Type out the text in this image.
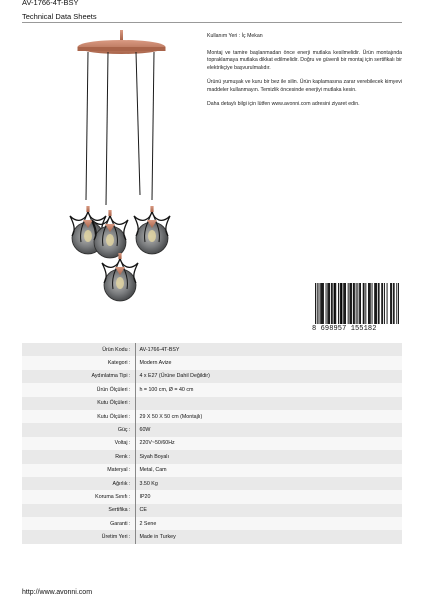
AV-1766-4T-BSY
Technical Data Sheets

Kullanım Yeri : İç Mekan

Montaj ve tamire başlanmadan önce enerji mutlaka kesilmelidir. Ürün montajında topraklamaya mutlaka dikkat edilmelidir. Doğru ve güvenli bir montaj için sertifikalı bir elektrikçiye başvurulmalıdır.

Ürünü yumuşak ve kuru bir bez ile silin. Ürün kaplamasına zarar verebilecek kimyevi maddeler kullanmayın. Temizlik öncesinde enerjiyi mutlaka kesin.

Daha detaylı bilgi için lütfen www.avonni.com adresini ziyaret edin.

8 698957 155182
Ürün Kodu :	AV-1766-4T-BSY
Kategori :	Modern Avize
Aydınlatma Tipi :	4 x E27 (Ürüne Dahil Değildir)
Ürün Ölçüleri :	h = 100 cm, Ø = 40 cm
Kutu Ölçüleri :	
Kutu Ölçüleri :	29 X 50 X 50 cm (Montajlı)
Güç :	60W
Voltaj :	220V~50/60Hz
Renk :	Siyah Boyalı
Materyal :	Metal, Cam
Ağırlık :	3.50 Kg
Koruma Sınıfı :	IP20
Sertifika :	CE
Garanti :	2 Sene
Üretim Yeri :	Made in Turkey
http://www.avonni.com
